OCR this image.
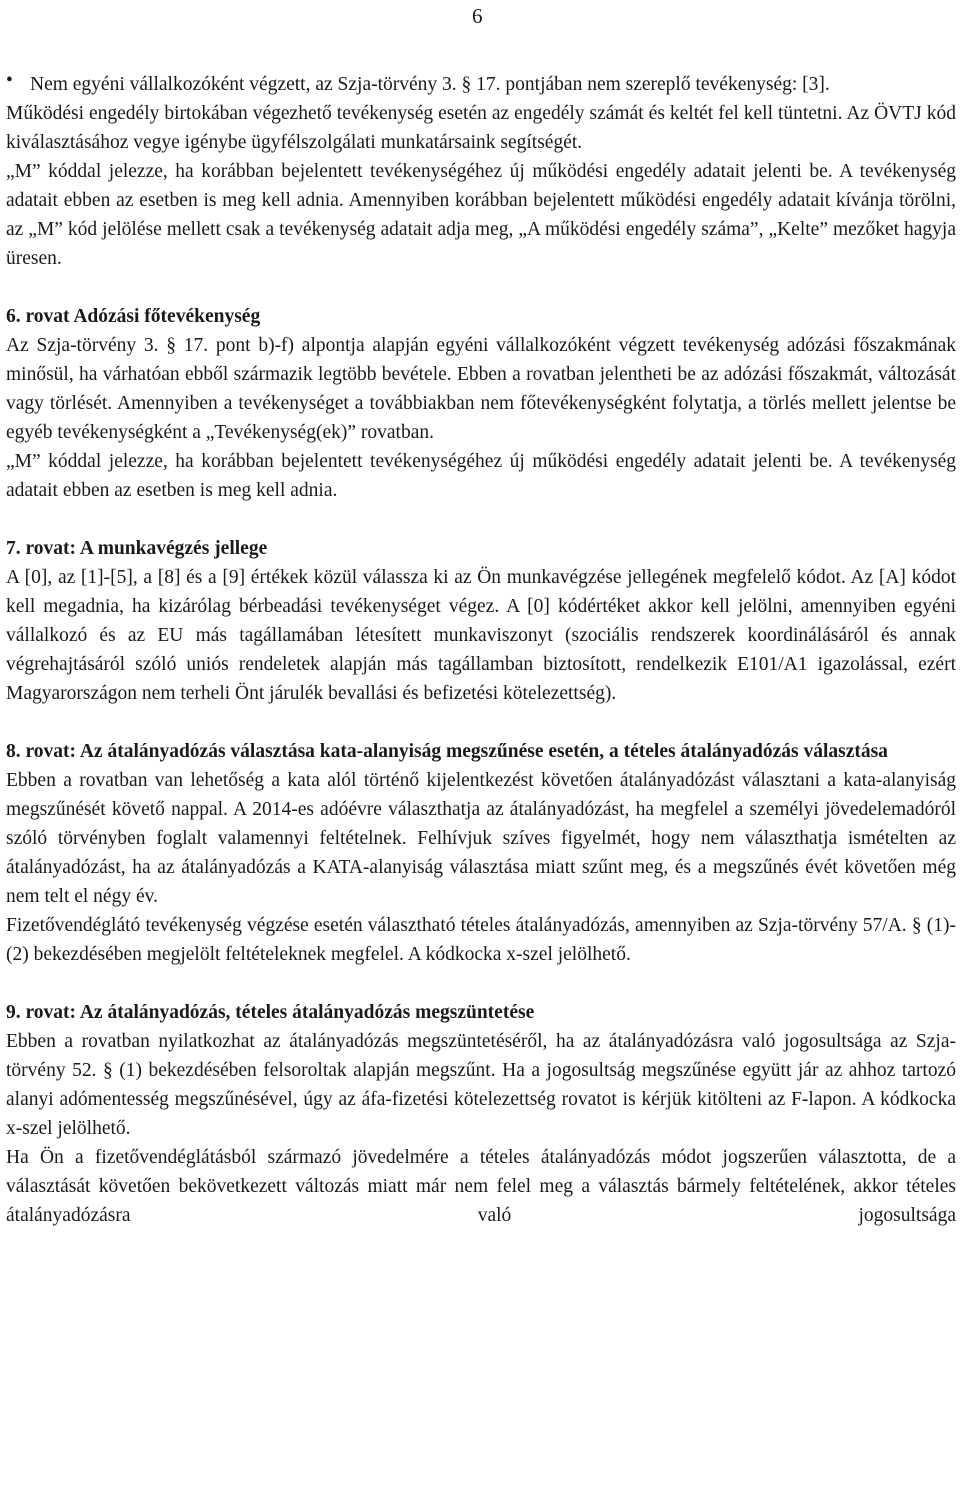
6
• Nem egyéni vállalkozóként végzett, az Szja-törvény 3. § 17. pontjában nem szereplő tevékenység: [3].

Működési engedély birtokában végezhető tevékenység esetén az engedély számát és keltét fel kell tüntetni. Az ÖVTJ kód kiválasztásához vegye igénybe ügyfélszolgálati munkatársaink segítségét.

„M” kóddal jelezze, ha korábban bejelentett tevékenységéhez új működési engedély adatait jelenti be. A tevékenység adatait ebben az esetben is meg kell adnia. Amennyiben korábban bejelentett működési engedély adatait kívánja törölni, az „M” kód jelölése mellett csak a tevékenység adatait adja meg, „A működési engedély száma”, „Kelte” mezőket hagyja üresen.

6. rovat Adózási főtevékenység

Az Szja-törvény 3. § 17. pont b)-f) alpontja alapján egyéni vállalkozóként végzett tevékenység adózási főszakmának minősül, ha várhatóan ebből származik legtöbb bevétele. Ebben a rovatban jelentheti be az adózási főszakmát, változását vagy törlését. Amennyiben a tevékenységet a továbbiakban nem főtevékenységként folytatja, a törlés mellett jelentse be egyéb tevékenységként a „Tevékenység(ek)” rovatban.

„M” kóddal jelezze, ha korábban bejelentett tevékenységéhez új működési engedély adatait jelenti be. A tevékenység adatait ebben az esetben is meg kell adnia.

7. rovat: A munkavégzés jellege

A [0], az [1]-[5], a [8] és a [9] értékek közül válassza ki az Ön munkavégzése jellegének megfelelő kódot. Az [A] kódot kell megadnia, ha kizárólag bérbeadási tevékenységet végez. A [0] kódértéket akkor kell jelölni, amennyiben egyéni vállalkozó és az EU más tagállamában létesített munkaviszonyt (szociális rendszerek koordinálásáról és annak végrehajtásáról szóló uniós rendeletek alapján más tagállamban biztosított, rendelkezik E101/A1 igazolással, ezért Magyarországon nem terheli Önt járulék bevallási és befizetési kötelezettség).

8. rovat: Az átalányadózás választása kata-alanyiság megszűnése esetén, a tételes átalányadózás választása

Ebben a rovatban van lehetőség a kata alól történő kijelentkezést követően átalányadózást választani a kata-alanyiság megszűnését követő nappal. A 2014-es adóévre választhatja az átalányadózást, ha megfelel a személyi jövedelemadóról szóló törvényben foglalt valamennyi feltételnek. Felhívjuk szíves figyelmét, hogy nem választhatja ismételten az átalányadózást, ha az átalányadózás a KATA-alanyiság választása miatt szűnt meg, és a megszűnés évét követően még nem telt el négy év.

Fizetővendéglátó tevékenység végzése esetén választható tételes átalányadózás, amennyiben az Szja-törvény 57/A. § (1)-(2) bekezdésében megjelölt feltételeknek megfelel. A kódkocka x-szel jelölhető.

9. rovat: Az átalányadózás, tételes átalányadózás megszüntetése

Ebben a rovatban nyilatkozhat az átalányadózás megszüntetéséről, ha az átalányadózásra való jogosultsága az Szja-törvény 52. § (1) bekezdésében felsoroltak alapján megszűnt. Ha a jogosultság megszűnése együtt jár az ahhoz tartozó alanyi adómentesség megszűnésével, úgy az áfa-fizetési kötelezettség rovatot is kérjük kitölteni az F-lapon. A kódkocka x-szel jelölhető.

Ha Ön a fizetővendéglátásból származó jövedelmére a tételes átalányadózás módot jogszerűen választotta, de a választását követően bekövetkezett változás miatt már nem felel meg a választás bármely feltételének, akkor tételes átalányadózásra való jogosultsága
